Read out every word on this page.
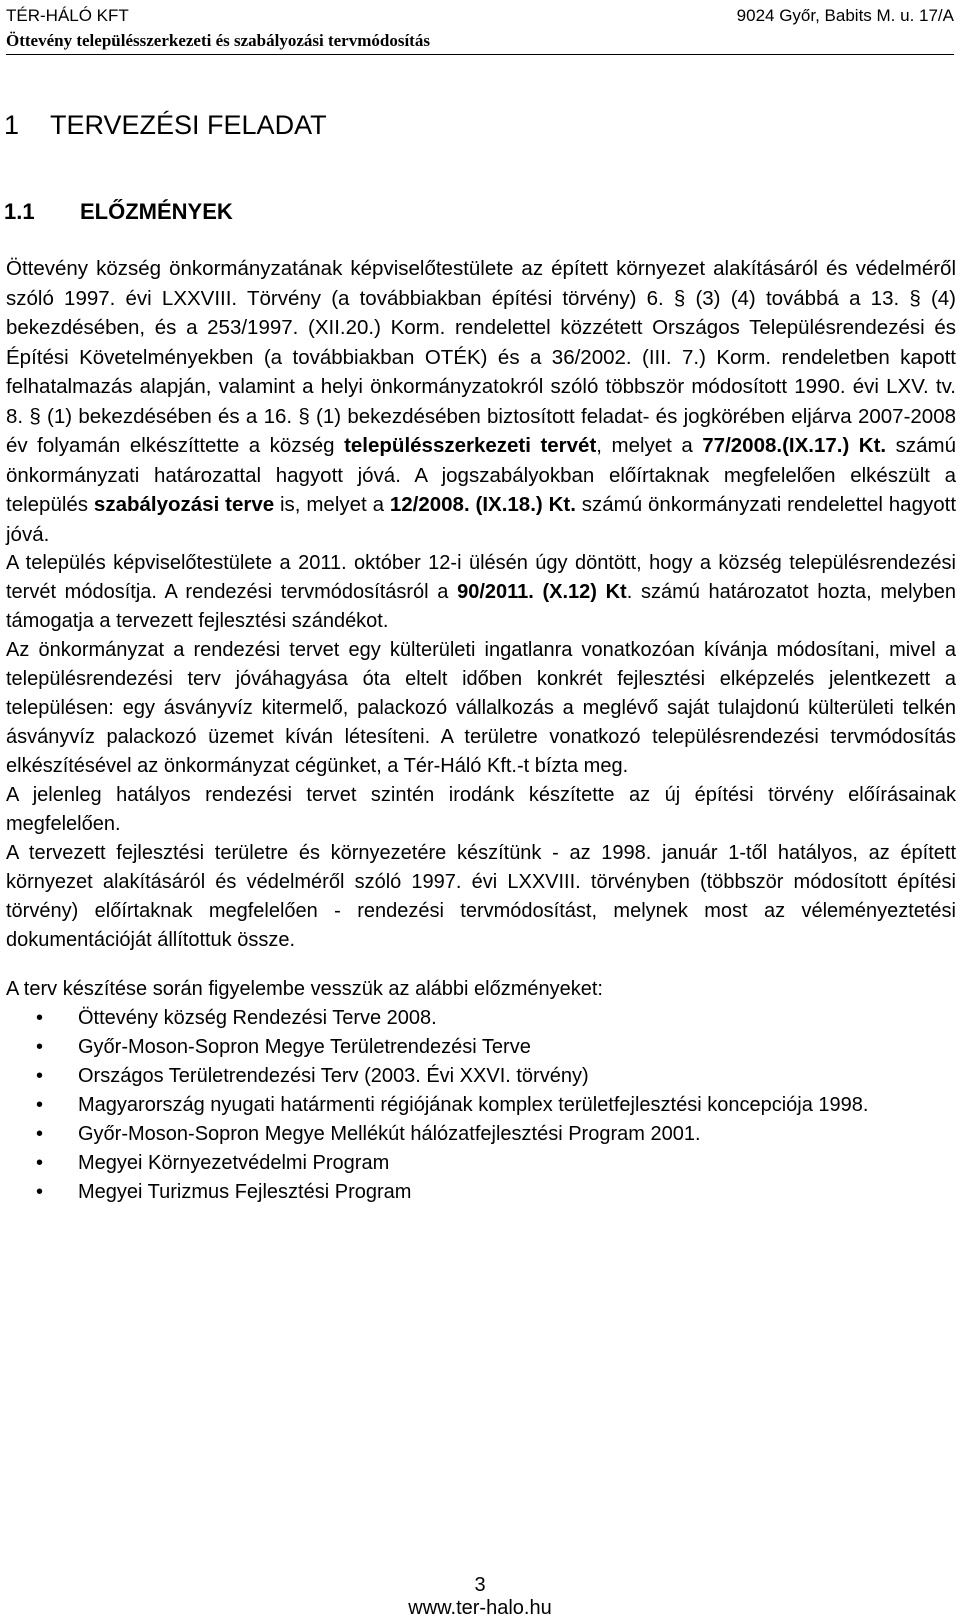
TÉR-HÁLÓ KFT	9024 Győr, Babits M. u. 17/A
Öttevény településszerkezeti és szabályozási tervmódosítás
1 TERVEZÉSI FELADAT
1.1 ELŐZMÉNYEK

Öttevény község önkormányzatának képviselőtestülete az épített környezet alakításáról és védelméről szóló 1997. évi LXXVIII. Törvény (a továbbiakban építési törvény) 6. § (3) (4) továbbá a 13. § (4) bekezdésében, és a 253/1997. (XII.20.) Korm. rendelettel közzétett Országos Településrendezési és Építési Követelményekben (a továbbiakban OTÉK) és a 36/2002. (III. 7.) Korm. rendeletben kapott felhatalmazás alapján, valamint a helyi önkormányzatokról szóló többször módosított 1990. évi LXV. tv. 8. § (1) bekezdésében és a 16. § (1) bekezdésében biztosított feladat- és jogkörében eljárva 2007-2008 év folyamán elkészíttette a község településszerkezeti tervét, melyet a 77/2008.(IX.17.) Kt. számú önkormányzati határozattal hagyott jóvá. A jogszabályokban előírtaknak megfelelően elkészült a település szabályozási terve is, melyet a 12/2008. (IX.18.) Kt. számú önkormányzati rendelettel hagyott jóvá.

A település képviselőtestülete a 2011. október 12-i ülésén úgy döntött, hogy a község településrendezési tervét módosítja. A rendezési tervmódosításról a 90/2011. (X.12) Kt. számú határozatot hozta, melyben támogatja a tervezett fejlesztési szándékot.

Az önkormányzat a rendezési tervet egy külterületi ingatlanra vonatkozóan kívánja módosítani, mivel a településrendezési terv jóváhagyása óta eltelt időben konkrét fejlesztési elképzelés jelentkezett a településen: egy ásványvíz kitermelő, palackozó vállalkozás a meglévő saját tulajdonú külterületi telkén ásványvíz palackozó üzemet kíván létesíteni. A területre vonatkozó településrendezési tervmódosítás elkészítésével az önkormányzat cégünket, a Tér-Háló Kft.-t bízta meg.

A jelenleg hatályos rendezési tervet szintén irodánk készítette az új építési törvény előírásainak megfelelően.

A tervezett fejlesztési területre és környezetére készítünk - az 1998. január 1-től hatályos, az épített környezet alakításáról és védelméről szóló 1997. évi LXXVIII. törvényben (többször módosított építési törvény) előírtaknak megfelelően - rendezési tervmódosítást, melynek most az véleményeztetési dokumentációját állítottuk össze.

A terv készítése során figyelembe vesszük az alábbi előzményeket:

• Öttevény község Rendezési Terve 2008.
• Győr-Moson-Sopron Megye Területrendezési Terve
• Országos Területrendezési Terv (2003. Évi XXVI. törvény)
• Magyarország nyugati határmenti régiójának komplex területfejlesztési koncepciója 1998.
• Győr-Moson-Sopron Megye Mellékút hálózatfejlesztési Program 2001.
• Megyei Környezetvédelmi Program
• Megyei Turizmus Fejlesztési Program
3
www.ter-halo.hu
